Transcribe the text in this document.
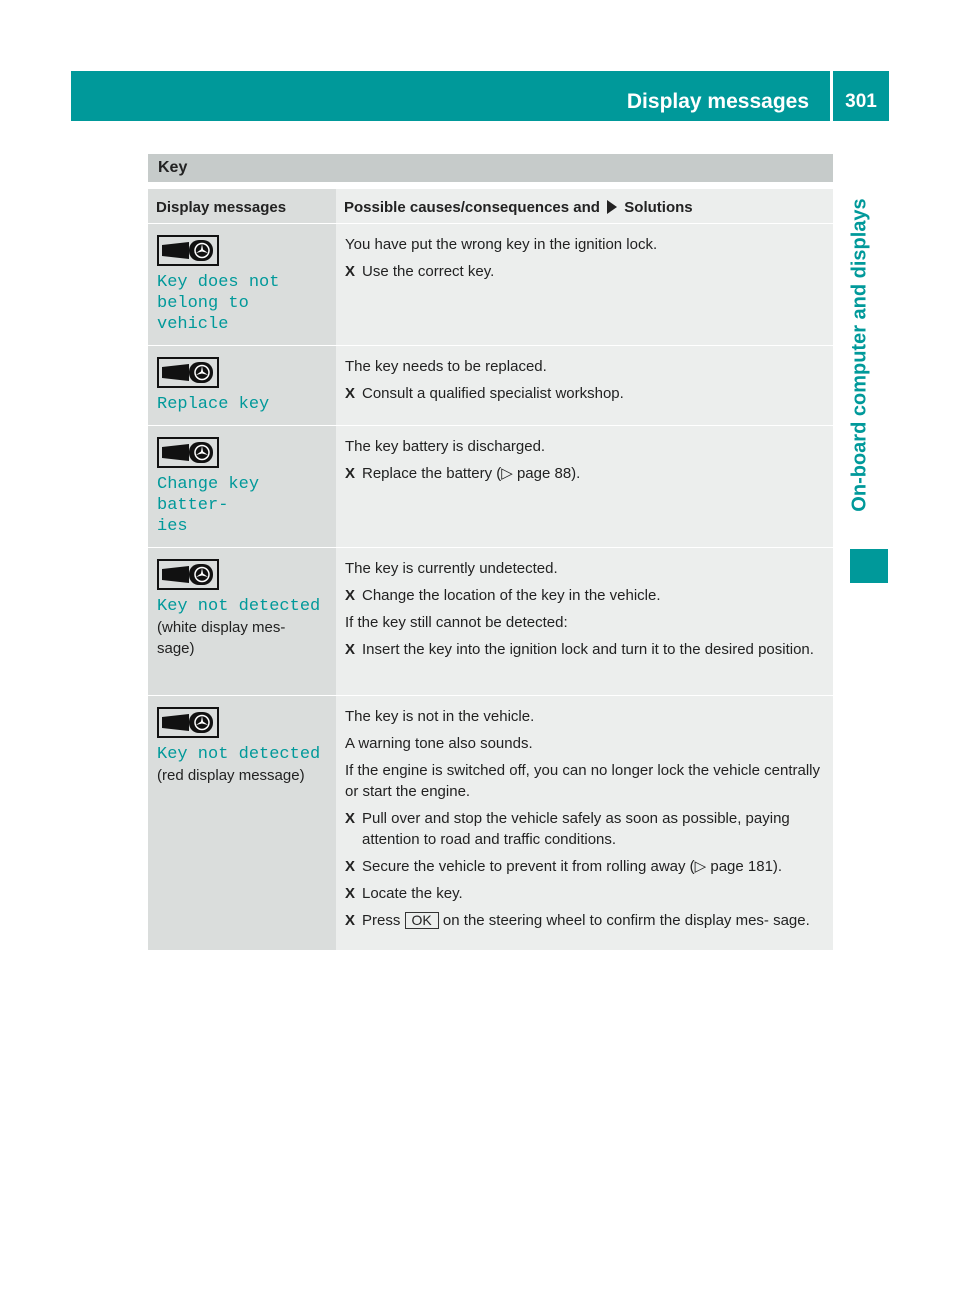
Display messages	301
On-board computer and displays
Key
Display messages	Possible causes/consequences and Solutions
Key does not
belong to vehicle

You have put the wrong key in the ignition lock.

X Use the correct key.
Replace key

The key needs to be replaced.

X Consult a qualified specialist workshop.
Change key batter‐
ies

The key battery is discharged.

X Replace the battery (▷ page 88).
Key not detected
(white display mes-
sage)

The key is currently undetected.

X Change the location of the key in the vehicle.

If the key still cannot be detected:

X Insert the key into the ignition lock and turn it to the desired position.
Key not detected
(red display message)

The key is not in the vehicle.

A warning tone also sounds.

If the engine is switched off, you can no longer lock the vehicle centrally or start the engine.

X Pull over and stop the vehicle safely as soon as possible, paying attention to road and traffic conditions.
X Secure the vehicle to prevent it from rolling away (▷ page 181).
X Locate the key.
X Press OK on the steering wheel to confirm the display mes- sage.
